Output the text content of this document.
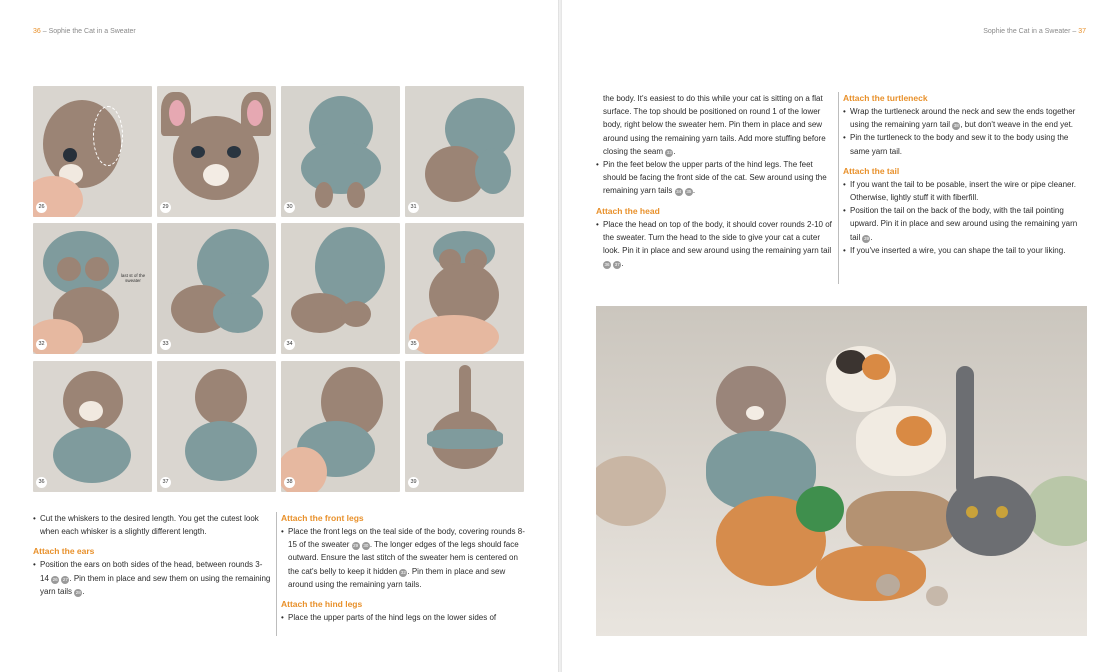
36 – Sophie the Cat in a Sweater
26	29	30	31
last st of the sweater
32	33	34	35
36	37	38	39
• Cut the whiskers to the desired length. You get the cutest look when each whisker is a slightly different length.
Attach the ears
• Position the ears on both sides of the head, between rounds 3-14 26 27 . Pin them in place and sew them on using the remaining yarn tails 28 .
Attach the front legs
• Place the front legs on the teal side of the body, covering rounds 8-15 of the sweater 29 30 . The longer edges of the legs should face outward. Ensure the last stitch of the sweater hem is centered on the cat's belly to keep it hidden 32 . Pin them in place and sew around using the remaining yarn tails.
Attach the hind legs
• Place the upper parts of the hind legs on the lower sides of
Sophie the Cat in a Sweater – 37

the body. It's easiest to do this while your cat is sitting on a flat surface. The top should be positioned on round 1 of the lower body, right below the sweater hem. Pin them in place and sew around using the remaining yarn tails. Add more stuffing before closing the seam 33 .

• Pin the feet below the upper parts of the hind legs. The feet should be facing the front side of the cat. Sew around using the remaining yarn tails 34 35 .
Attach the head
• Place the head on top of the body, it should cover rounds 2-10 of the sweater. Turn the head to the side to give your cat a cuter look. Pin it in place and sew around using the remaining yarn tail 36 37 .
Attach the turtleneck
• Wrap the turtleneck around the neck and sew the ends together using the remaining yarn tail 38 , but don't weave in the end yet.
• Pin the turtleneck to the body and sew it to the body using the same yarn tail.
Attach the tail
• If you want the tail to be posable, insert the wire or pipe cleaner. Otherwise, lightly stuff it with fiberfill.
• Position the tail on the back of the body, with the tail pointing upward. Pin it in place and sew around using the remaining yarn tail 39 .
• If you've inserted a wire, you can shape the tail to your liking.
